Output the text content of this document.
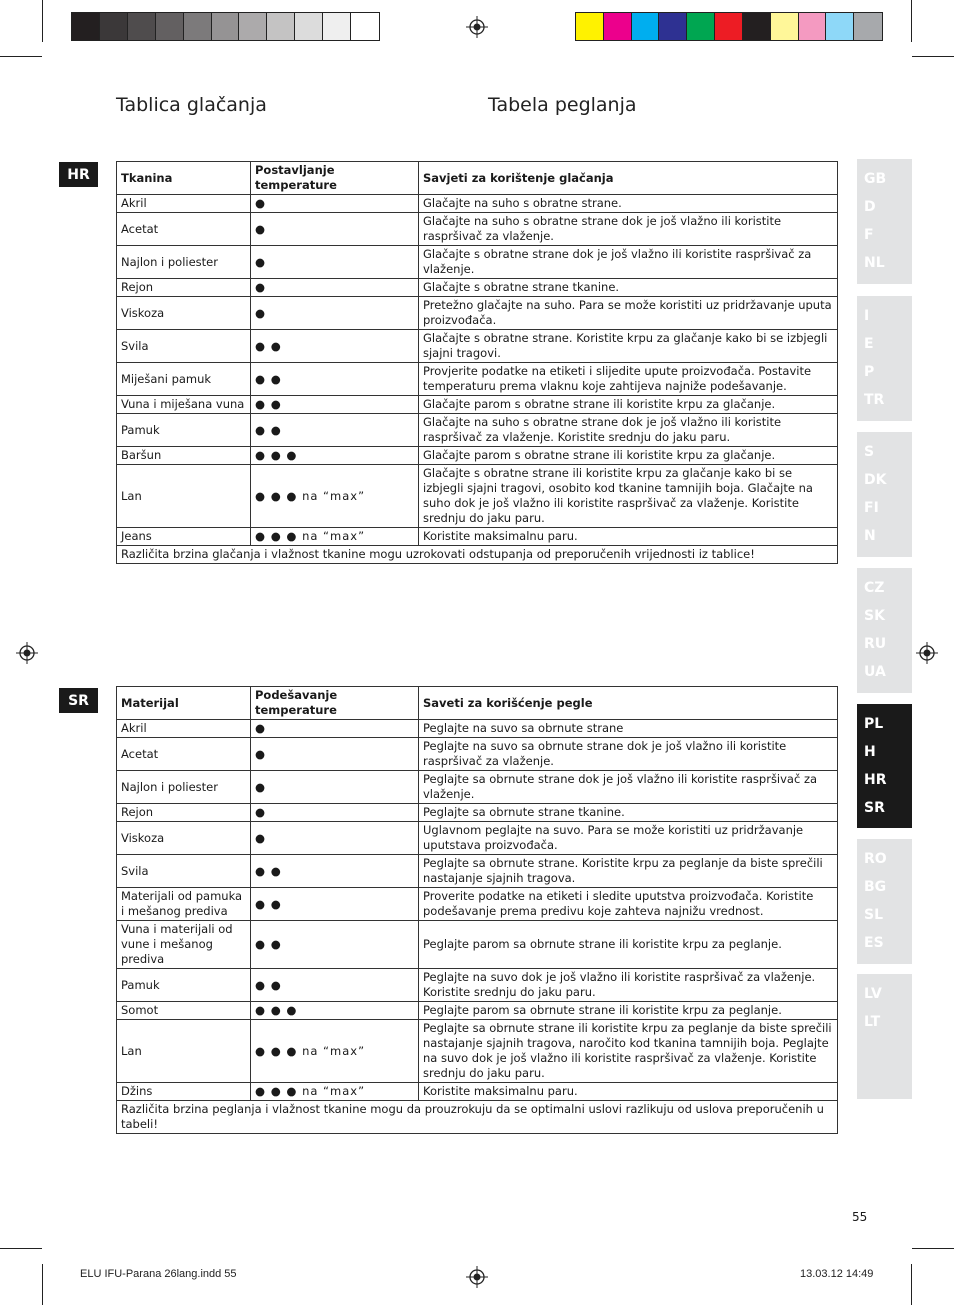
Tablica glačanja	Tabela peglanja
HR	Tkanina	Postavljanje temperature	Savjeti za korištenje glačanja
Akril	●	Glačajte na suho s obratne strane.
Acetat	●	Glačajte na suho s obratne strane dok je još vlažno ili koristite raspršivač za vlaženje.
Najlon i poliester	●	Glačajte s obratne strane dok je još vlažno ili koristite raspršivač za vlaženje.
Rejon	●	Glačajte s obratne strane tkanine.
Viskoza	●	Pretežno glačajte na suho. Para se može koristiti uz pridržavanje uputa proizvođača.
Svila	● ●	Glačajte s obratne strane. Koristite krpu za glačanje kako bi se izbjegli sjajni tragovi.
Miješani pamuk	● ●	Provjerite podatke na etiketi i slijedite upute proizvođača. Postavite temperaturu prema vlaknu koje zahtijeva najniže podešavanje.
Vuna i miješana vuna	● ●	Glačajte parom s obratne strane ili koristite krpu za glačanje.
Pamuk	● ●	Glačajte na suho s obratne strane dok je još vlažno ili koristite raspršivač za vlaženje. Koristite srednju do jaku paru.
Baršun	● ● ●	Glačajte parom s obratne strane ili koristite krpu za glačanje.
Lan	● ● ● na “max”	Glačajte s obratne strane ili koristite krpu za glačanje kako bi se izbjegli sjajni tragovi, osobito kod tkanine tamnijih boja. Glačajte na suho dok je još vlažno ili koristite raspršivač za vlaženje. Koristite srednju do jaku paru.
Jeans	● ● ● na “max”	Koristite maksimalnu paru.
Različita brzina glačanja i vlažnost tkanine mogu uzrokovati odstupanja od preporučenih vrijednosti iz tablice!		
SR	Materijal	Podešavanje temperature	Saveti za korišćenje pegle
Akril	●	Peglajte na suvo sa obrnute strane
Acetat	●	Peglajte na suvo sa obrnute strane dok je još vlažno ili koristite raspršivač za vlaženje.
Najlon i poliester	●	Peglajte sa obrnute strane dok je još vlažno ili koristite raspršivač za vlaženje.
Rejon	●	Peglajte sa obrnute strane tkanine.
Viskoza	●	Uglavnom peglajte na suvo. Para se može koristiti uz pridržavanje uputstava proizvođača.
Svila	● ●	Peglajte sa obrnute strane. Koristite krpu za peglanje da biste sprečili nastajanje sjajnih tragova.
Materijali od pamuka i mešanog prediva	● ●	Proverite podatke na etiketi i sledite uputstva proizvođača. Koristite podešavanje prema predivu koje zahteva najnižu vrednost.
Vuna i materijali od vune i mešanog prediva	● ●	Peglajte parom sa obrnute strane ili koristite krpu za peglanje.
Pamuk	● ●	Peglajte na suvo dok je još vlažno ili koristite raspršivač za vlaženje. Koristite srednju do jaku paru.
Somot	● ● ●	Peglajte parom sa obrnute strane ili koristite krpu za peglanje.
Lan	● ● ● na “max”	Peglajte sa obrnute strane ili koristite krpu za peglanje da biste sprečili nastajanje sjajnih tragova, naročito kod tkanina tamnijih boja. Peglajte na suvo dok je još vlažno ili koristite raspršivač za vlaženje. Koristite srednju do jaku paru.
Džins	● ● ● na “max”	Koristite maksimalnu paru.
Različita brzina peglanja i vlažnost tkanine mogu da prouzrokuju da se optimalni uslovi razlikuju od uslova preporučenih u tabeli!		
GB
D
F
NL
I
E
P
TR
S
DK
FI
N
CZ
SK
RU
UA
PL
H
HR
SR
RO
BG
SL
ES
LV
LT
55
ELU IFU-Parana 26lang.indd 55	13.03.12 14:49
